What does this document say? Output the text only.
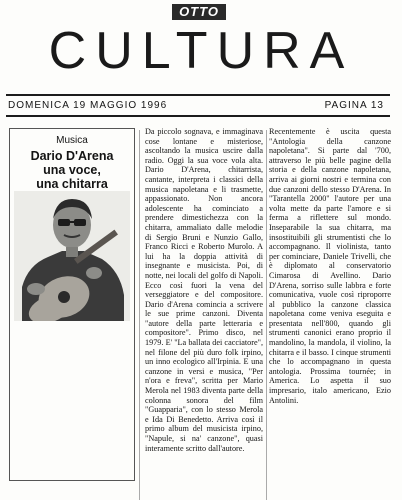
OTTO
CULTURA
DOMENICA 19 MAGGIO 1996	PAGINA 13
Musica
Dario D'Arena
una voce,
una chitarra
Da piccolo sognava, e immaginava cose lontane e misteriose, ascoltando la musica uscire dalla radio. Oggi la sua voce vola alta. Dario D'Arena, chitarrista, cantante, interpreta i classici della musica napoletana e li trasmette, appassionato. Non ancora adolescente ha cominciato a prendere dimestichezza con la chitarra, ammaliato dalle melodie di Sergio Bruni e Nunzio Gallo, Franco Ricci e Roberto Murolo. A lui ha la doppia attività di insegnante e musicista. Poi, di notte, nei locali del golfo di Napoli. Ecco così fuori la vena del verseggiatore e del compositore. Dario d'Arena comincia a scrivere le sue prime canzoni. Diventa "autore della parte letteraria e compositore". Primo disco, nel 1979. E' "La ballata dei cacciatore", nel filone del più duro folk irpino, un inno ecologico all'Irpinia. E una canzone in versi e musica, "Per n'ora e freva", scritta per Mario Merola nel 1983 diventa parte della colonna sonora del film "Guapparia", con lo stesso Merola e Ida Di Benedetto. Arriva così il primo album del musicista irpino, "Napule, si na' canzone", quasi interamente scritto dall'autore.
Recentemente è uscita questa "Antologia della canzone napoletana". Si parte dal '700, attraverso le più belle pagine della storia e della canzone napoletana, arriva ai giorni nostri e termina con due canzoni dello stesso D'Arena. In "Tarantella 2000" l'autore per una volta mette da parte l'amore e si ferma a riflettere sul mondo. Inseparabile la sua chitarra, ma insostituibili gli strumentisti che lo accompagnano. Il violinista, tanto per cominciare, Daniele Trivelli, che è diplomato al conservatorio Cimarosa di Avellino. Dario D'Arena, sorriso sulle labbra e forte comunicativa, vuole così riproporre al pubblico la canzone classica napoletana come veniva eseguita e presentata nell'800, quando gli strumenti canonici erano proprio il mandolino, la mandola, il violino, la chitarra e il basso. I cinque strumenti che lo accompagnano in questa antologia. Prossima tournée; in America. Lo aspetta il suo impresario, italo americano, Ezio Antolini.
